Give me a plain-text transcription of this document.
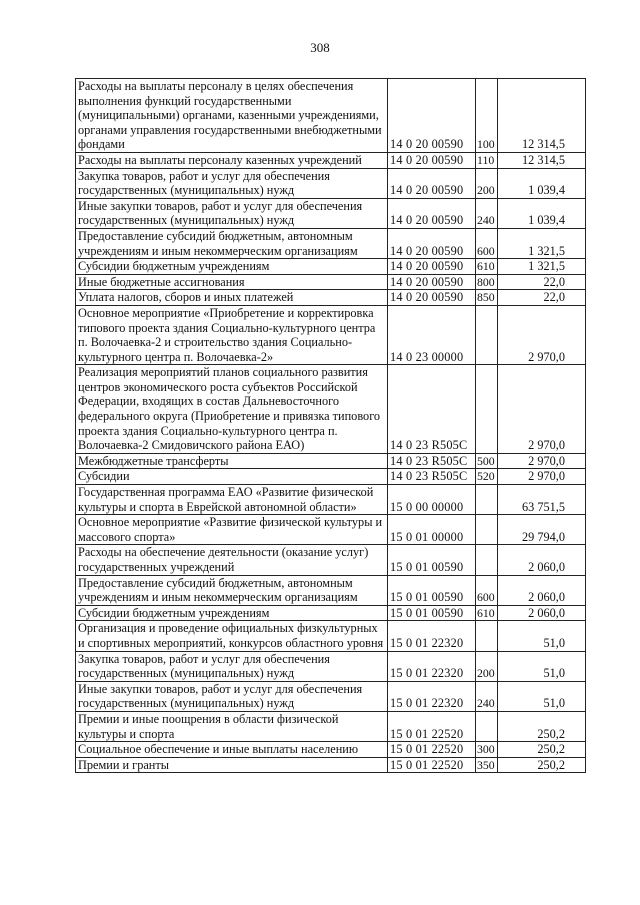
308
Расходы на выплаты персоналу в целях обеспечения выполнения функций государственными (муниципальными) органами, казенными учреждениями, органами управления государственными внебюджетными фондами	14 0 20 00590	100	12 314,5
Расходы на выплаты персоналу казенных учреждений	14 0 20 00590	110	12 314,5
Закупка товаров, работ и услуг для обеспечения государственных (муниципальных) нужд	14 0 20 00590	200	1 039,4
Иные закупки товаров, работ и услуг для обеспечения государственных (муниципальных) нужд	14 0 20 00590	240	1 039,4
Предоставление субсидий бюджетным, автономным учреждениям и иным некоммерческим организациям	14 0 20 00590	600	1 321,5
Субсидии бюджетным учреждениям	14 0 20 00590	610	1 321,5
Иные бюджетные ассигнования	14 0 20 00590	800	22,0
Уплата налогов, сборов и иных платежей	14 0 20 00590	850	22,0
Основное мероприятие «Приобретение и корректировка типового проекта здания Социально-культурного центра п. Волочаевка-2 и строительство здания Социально-культурного центра п. Волочаевка-2»	14 0 23 00000		2 970,0
Реализация мероприятий планов социального развития центров экономического роста субъектов Российской Федерации, входящих в состав Дальневосточного федерального округа (Приобретение и привязка типового проекта здания Социально-культурного центра п. Волочаевка-2 Смидовичского района ЕАО)	14 0 23 R505C		2 970,0
Межбюджетные трансферты	14 0 23 R505C	500	2 970,0
Субсидии	14 0 23 R505C	520	2 970,0
Государственная программа ЕАО «Развитие физической культуры и спорта в Еврейской автономной области»	15 0 00 00000		63 751,5
Основное мероприятие «Развитие физической культуры и массового спорта»	15 0 01 00000		29 794,0
Расходы на обеспечение деятельности (оказание услуг) государственных учреждений	15 0 01 00590		2 060,0
Предоставление субсидий бюджетным, автономным учреждениям и иным некоммерческим организациям	15 0 01 00590	600	2 060,0
Субсидии бюджетным учреждениям	15 0 01 00590	610	2 060,0
Организация и проведение официальных физкультурных и спортивных мероприятий, конкурсов областного уровня	15 0 01 22320		51,0
Закупка товаров, работ и услуг для обеспечения государственных (муниципальных) нужд	15 0 01 22320	200	51,0
Иные закупки товаров, работ и услуг для обеспечения государственных (муниципальных) нужд	15 0 01 22320	240	51,0
Премии и иные поощрения в области физической культуры и спорта	15 0 01 22520		250,2
Социальное обеспечение и иные выплаты населению	15 0 01 22520	300	250,2
Премии и гранты	15 0 01 22520	350	250,2
